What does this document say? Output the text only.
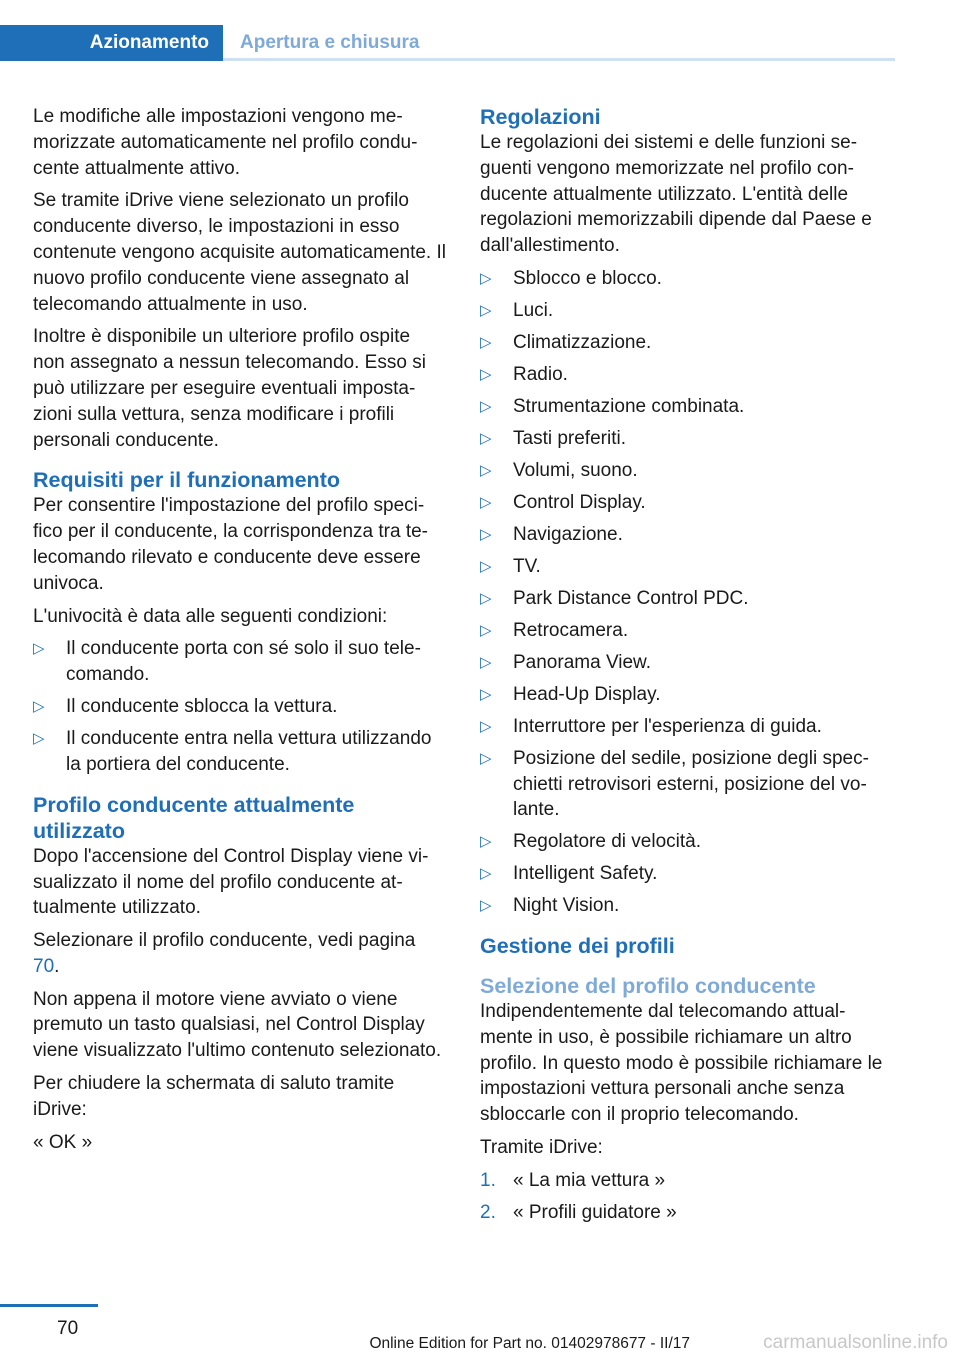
Azionamento	Apertura e chiusura

Le modifiche alle impostazioni vengono memorizzate automaticamente nel profilo conducente attualmente attivo.

Se tramite iDrive viene selezionato un profilo conducente diverso, le impostazioni in esso contenute vengono acquisite automaticamente. Il nuovo profilo conducente viene assegnato al telecomando attualmente in uso.

Inoltre è disponibile un ulteriore profilo ospite non assegnato a nessun telecomando. Esso si può utilizzare per eseguire eventuali impostazioni sulla vettura, senza modificare i profili personali conducente.

Requisiti per il funzionamento

Per consentire l'impostazione del profilo specifico per il conducente, la corrispondenza tra telecomando rilevato e conducente deve essere univoca.

L'univocità è data alle seguenti condizioni:

▷ Il conducente porta con sé solo il suo telecomando.
▷ Il conducente sblocca la vettura.
▷ Il conducente entra nella vettura utilizzando la portiera del conducente.
Profilo conducente attualmente utilizzato

Dopo l'accensione del Control Display viene visualizzato il nome del profilo conducente attualmente utilizzato.

Selezionare il profilo conducente, vedi pagina 70.

Non appena il motore viene avviato o viene premuto un tasto qualsiasi, nel Control Display viene visualizzato l'ultimo contenuto selezionato.

Per chiudere la schermata di saluto tramite iDrive:

« OK »

Regolazioni

Le regolazioni dei sistemi e delle funzioni seguenti vengono memorizzate nel profilo conducente attualmente utilizzato. L'entità delle regolazioni memorizzabili dipende dal Paese e dall'allestimento.

▷ Sblocco e blocco.
▷ Luci.
▷ Climatizzazione.
▷ Radio.
▷ Strumentazione combinata.
▷ Tasti preferiti.
▷ Volumi, suono.
▷ Control Display.
▷ Navigazione.
▷ TV.
▷ Park Distance Control PDC.
▷ Retrocamera.
▷ Panorama View.
▷ Head-Up Display.
▷ Interruttore per l'esperienza di guida.
▷ Posizione del sedile, posizione degli specchietti retrovisori esterni, posizione del volante.
▷ Regolatore di velocità.
▷ Intelligent Safety.
▷ Night Vision.
Gestione dei profili
Selezione del profilo conducente

Indipendentemente dal telecomando attualmente in uso, è possibile richiamare un altro profilo. In questo modo è possibile richiamare le impostazioni vettura personali anche senza sbloccarle con il proprio telecomando.

Tramite iDrive:

1. « La mia vettura »
2. « Profili guidatore »
70
Online Edition for Part no. 01402978677 - II/17	carmanualsonline.info
